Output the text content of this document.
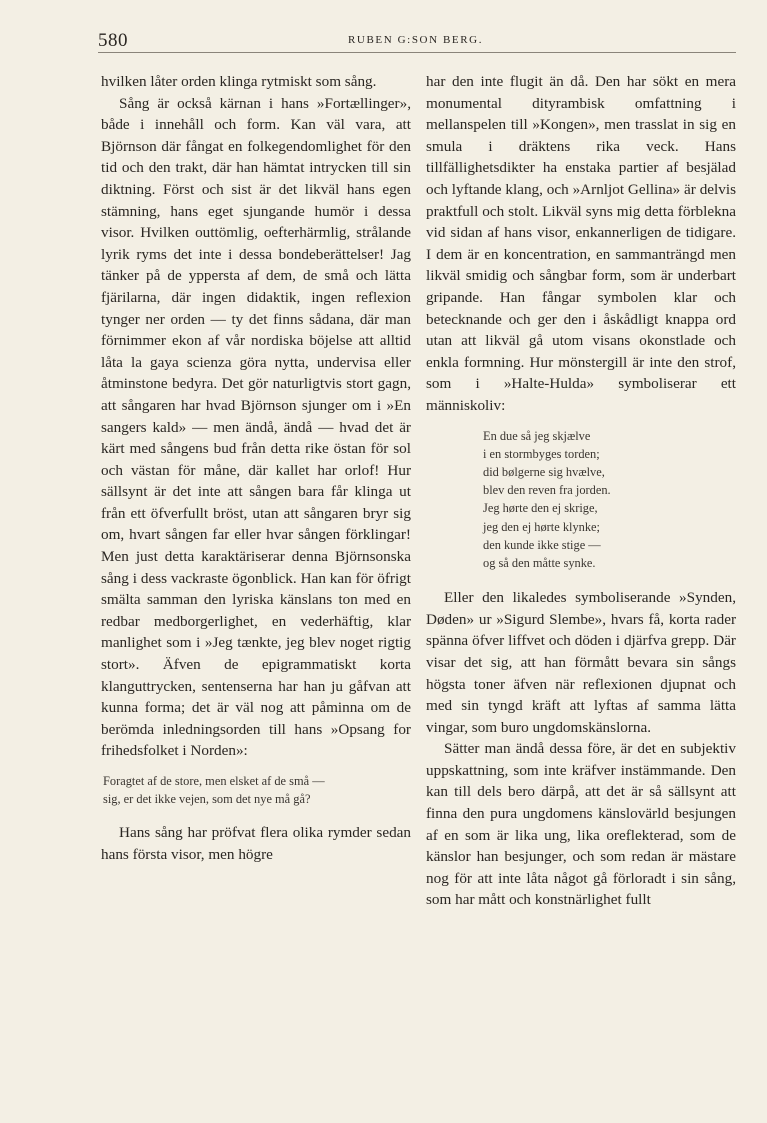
580	RUBEN G:SON BERG.

hvilken låter orden klinga rytmiskt som sång.

Sång är också kärnan i hans »Fortællinger», både i innehåll och form. Kan väl vara, att Björnson där fångat en folkegendomlighet för den tid och den trakt, där han hämtat intrycken till sin diktning. Först och sist är det likväl hans egen stämning, hans eget sjungande humör i dessa visor. Hvilken outtömlig, oefterhärmlig, strålande lyrik ryms det inte i dessa bondeberättelser! Jag tänker på de yppersta af dem, de små och lätta fjärilarna, där ingen didaktik, ingen reflexion tynger ner orden — ty det finns sådana, där man förnimmer ekon af vår nordiska böjelse att alltid låta la gaya scienza göra nytta, undervisa eller åtminstone bedyra. Det gör naturligtvis stort gagn, att sångaren har hvad Björnson sjunger om i »En sangers kald» — men ändå, ändå — hvad det är kärt med sångens bud från detta rike östan för sol och västan för måne, där kallet har orlof! Hur sällsynt är det inte att sången bara får klinga ut från ett öfverfullt bröst, utan att sångaren bryr sig om, hvart sången far eller hvar sången förklingar! Men just detta karaktäriserar denna Björnsonska sång i dess vackraste ögonblick. Han kan för öfrigt smälta samman den lyriska känslans ton med en redbar medborgerlighet, en vederhäftig, klar manlighet som i »Jeg tænkte, jeg blev noget rigtig stort». Äfven de epigrammatiskt korta klanguttrycken, sentenserna har han ju gåfvan att kunna forma; det är väl nog att påminna om de berömda inledningsorden till hans »Opsang for frihedsfolket i Norden»:

Foragtet af de store, men elsket af de små —
sig, er det ikke vejen, som det nye må gå?

Hans sång har pröfvat flera olika rymder sedan hans första visor, men högre

har den inte flugit än då. Den har sökt en mera monumental dityrambisk omfattning i mellanspelen till »Kongen», men trasslat in sig en smula i dräktens rika veck. Hans tillfällighetsdikter ha enstaka partier af besjälad och lyftande klang, och »Arnljot Gellina» är delvis praktfull och stolt. Likväl syns mig detta förblekna vid sidan af hans visor, enkannerligen de tidigare. I dem är en koncentration, en sammanträngd men likväl smidig och sångbar form, som är underbart gripande. Han fångar symbolen klar och betecknande och ger den i åskådligt knappa ord utan att likväl gå utom visans okonstlade och enkla formning. Hur mönstergill är inte den strof, som i »Halte-Hulda» symboliserar ett människoliv:

En due så jeg skjælve
i en stormbyges torden;
did bølgerne sig hvælve,
blev den reven fra jorden.
Jeg hørte den ej skrige,
jeg den ej hørte klynke;
den kunde ikke stige —
og så den måtte synke.

Eller den likaledes symboliserande »Synden, Døden» ur »Sigurd Slembe», hvars få, korta rader spänna öfver liffvet och döden i djärfva grepp. Där visar det sig, att han förmått bevara sin sångs högsta toner äfven när reflexionen djupnat och med sin tyngd kräft att lyftas af samma lätta vingar, som buro ungdomskänslorna.

Sätter man ändå dessa före, är det en subjektiv uppskattning, som inte kräfver instämmande. Den kan till dels bero därpå, att det är så sällsynt att finna den pura ungdomens känslovärld besjungen af en som är lika ung, lika oreflekterad, som de känslor han besjunger, och som redan är mästare nog för att inte låta något gå förloradt i sin sång, som har mått och konstnärlighet fullt
